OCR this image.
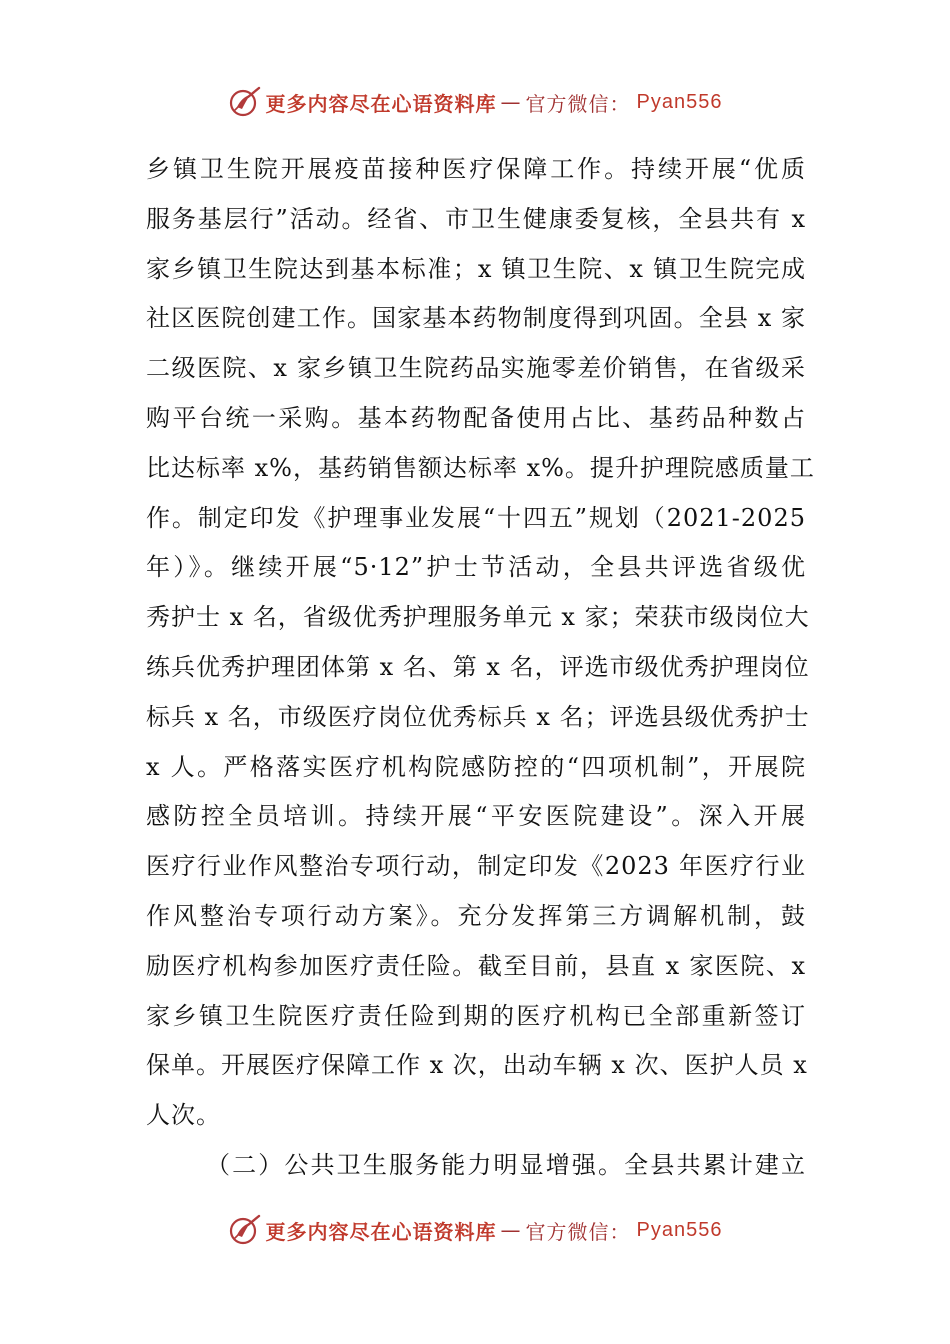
更多内容尽在心语资料库 — 官方微信： Pyan556
乡镇卫生院开展疫苗接种医疗保障工作。持续开展“优质
服务基层行”活动。经省、市卫生健康委复核，全县共有 x
家乡镇卫生院达到基本标准；x 镇卫生院、x 镇卫生院完成
社区医院创建工作。国家基本药物制度得到巩固。全县 x 家
二级医院、x 家乡镇卫生院药品实施零差价销售，在省级采
购平台统一采购。基本药物配备使用占比、基药品种数占
比达标率 x%，基药销售额达标率 x%。提升护理院感质量工
作。制定印发《护理事业发展“十四五”规划（2021-2025
年）》。继续开展“5·12”护士节活动，全县共评选省级优
秀护士 x 名，省级优秀护理服务单元 x 家；荣获市级岗位大
练兵优秀护理团体第 x 名、第 x 名，评选市级优秀护理岗位
标兵 x 名，市级医疗岗位优秀标兵 x 名；评选县级优秀护士
x 人。严格落实医疗机构院感防控的“四项机制”，开展院
感防控全员培训。持续开展“平安医院建设”。深入开展
医疗行业作风整治专项行动，制定印发《2023 年医疗行业
作风整治专项行动方案》。充分发挥第三方调解机制，鼓
励医疗机构参加医疗责任险。截至目前，县直 x 家医院、x
家乡镇卫生院医疗责任险到期的医疗机构已全部重新签订
保单。开展医疗保障工作 x 次，出动车辆 x 次、医护人员 x
人次。
（二）公共卫生服务能力明显增强。全县共累计建立
更多内容尽在心语资料库 — 官方微信： Pyan556
